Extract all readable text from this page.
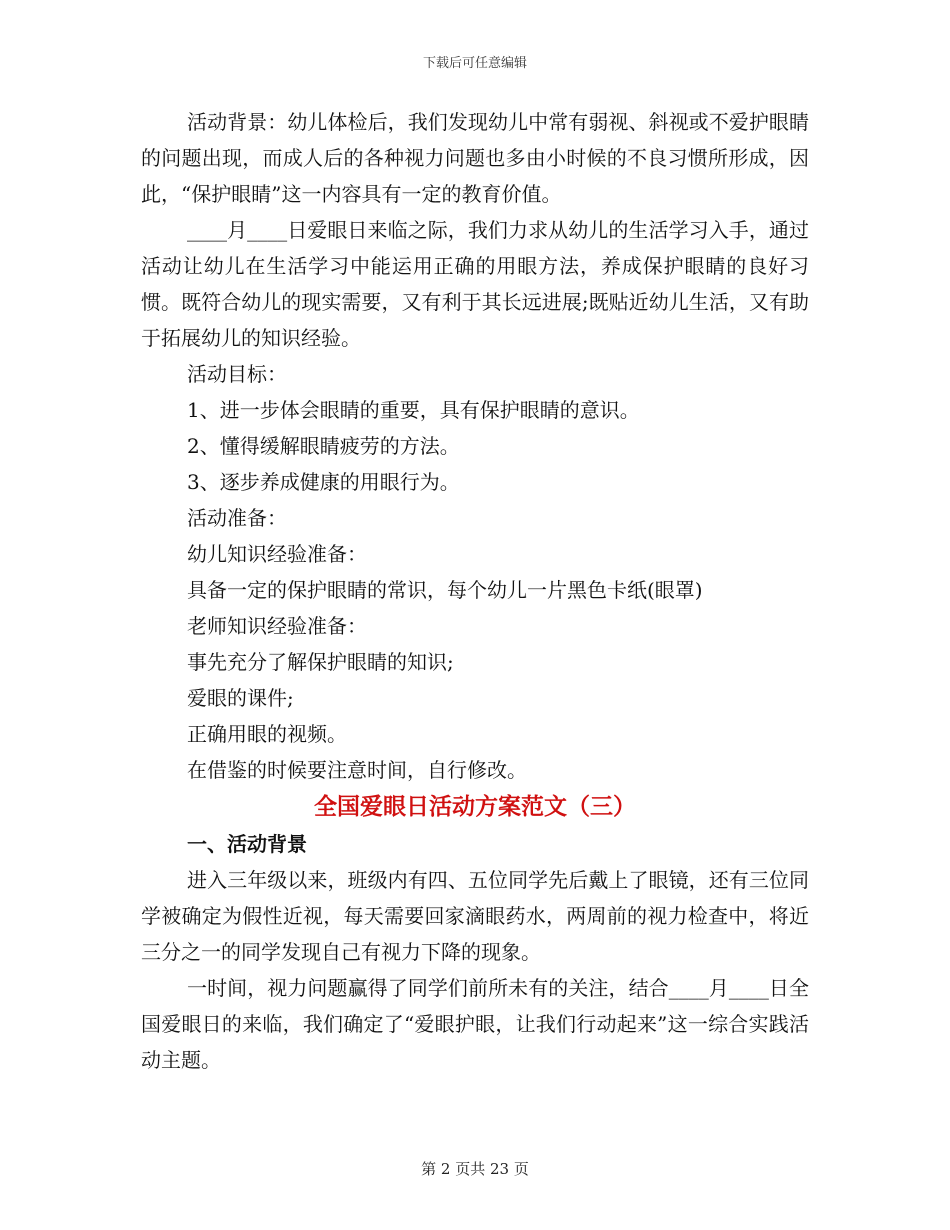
下载后可任意编辑

活动背景：幼儿体检后，我们发现幼儿中常有弱视、斜视或不爱护眼睛的问题出现，而成人后的各种视力问题也多由小时候的不良习惯所形成，因此，“保护眼睛”这一内容具有一定的教育价值。

____月____日爱眼日来临之际，我们力求从幼儿的生活学习入手，通过活动让幼儿在生活学习中能运用正确的用眼方法，养成保护眼睛的良好习惯。既符合幼儿的现实需要，又有利于其长远进展;既贴近幼儿生活，又有助于拓展幼儿的知识经验。

活动目标：

1、进一步体会眼睛的重要，具有保护眼睛的意识。

2、懂得缓解眼睛疲劳的方法。

3、逐步养成健康的用眼行为。

活动准备：

幼儿知识经验准备：

具备一定的保护眼睛的常识，每个幼儿一片黑色卡纸(眼罩)

老师知识经验准备：

事先充分了解保护眼睛的知识;

爱眼的课件;

正确用眼的视频。

在借鉴的时候要注意时间，自行修改。

全国爱眼日活动方案范文（三）

一、活动背景

进入三年级以来，班级内有四、五位同学先后戴上了眼镜，还有三位同学被确定为假性近视，每天需要回家滴眼药水，两周前的视力检查中，将近三分之一的同学发现自己有视力下降的现象。

一时间，视力问题赢得了同学们前所未有的关注，结合____月____日全国爱眼日的来临，我们确定了“爱眼护眼，让我们行动起来”这一综合实践活动主题。

第 2 页共 23 页
